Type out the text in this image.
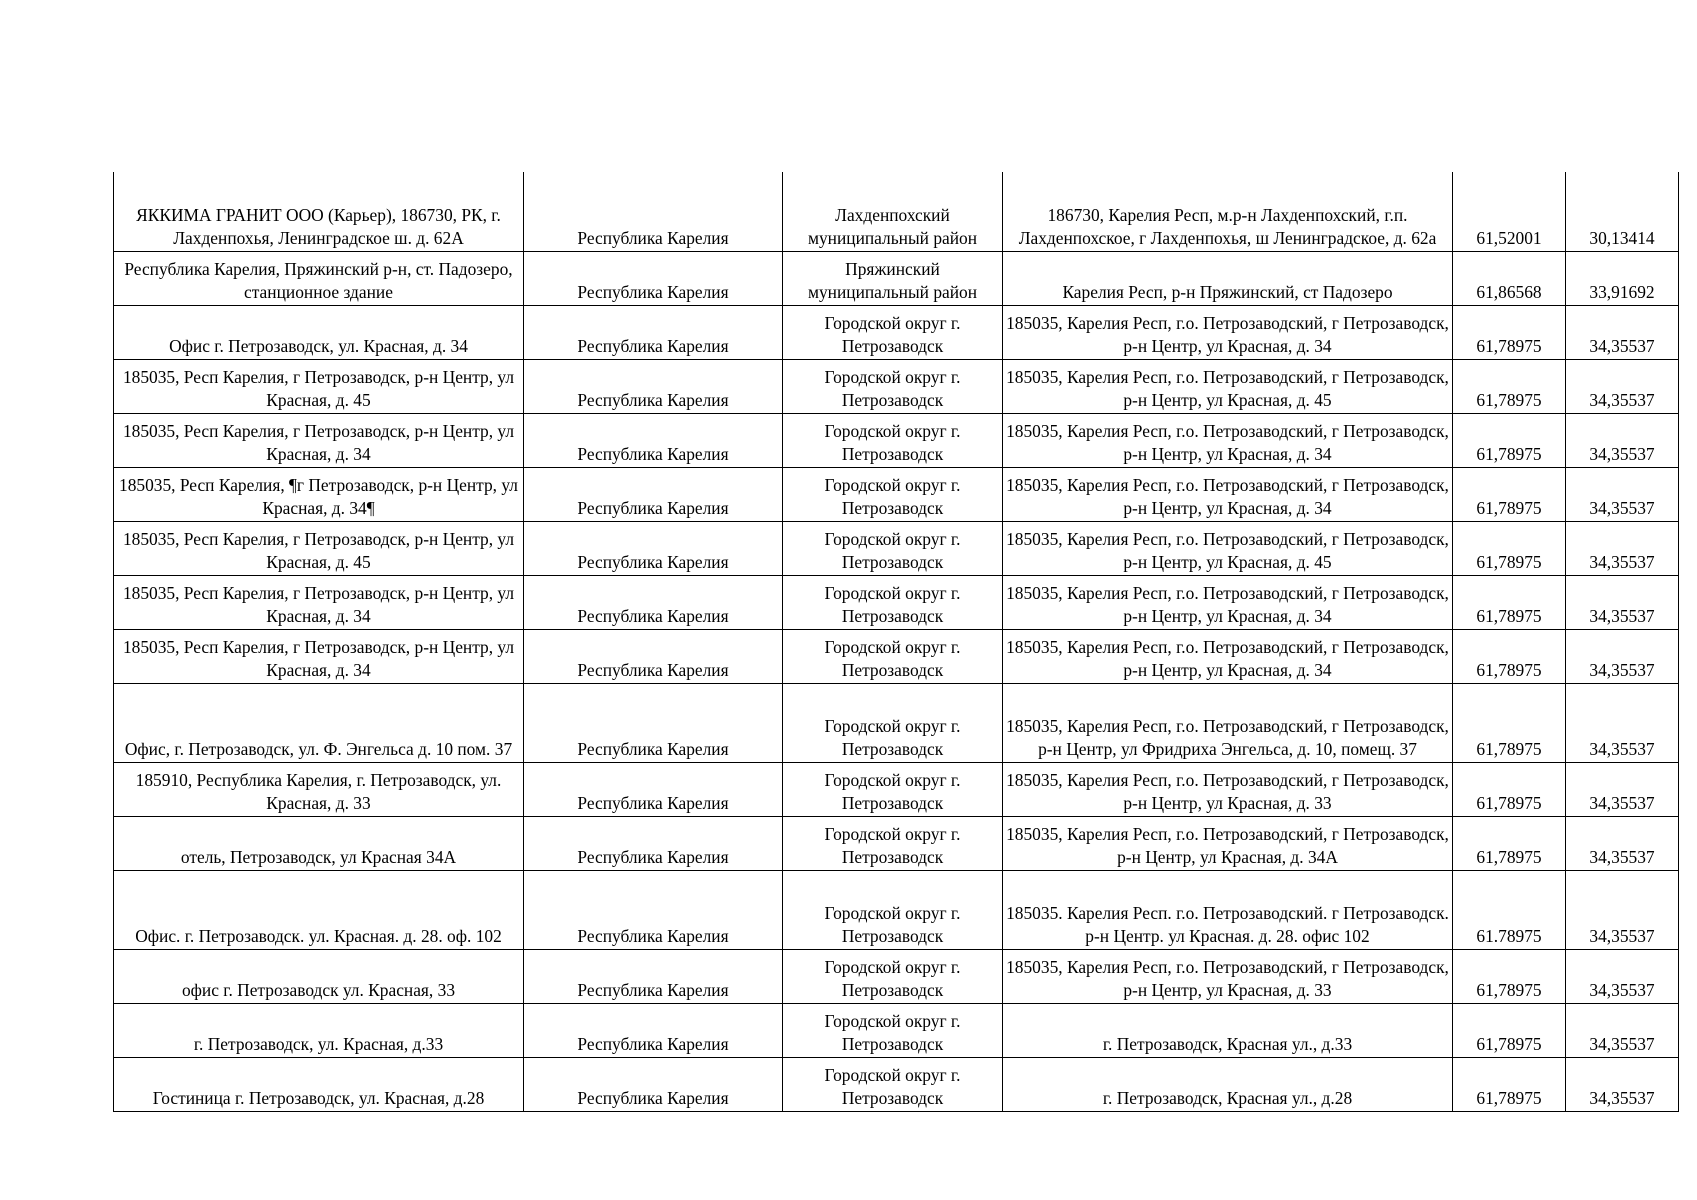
ЯККИМА ГРАНИТ ООО (Карьер), 186730, РК, г. Лахденпохья, Ленинградское ш. д. 62А	Республика Карелия	Лахденпохский муниципальный район	186730, Карелия Респ, м.р-н Лахденпохский, г.п. Лахденпохское, г Лахденпохья, ш Ленинградское, д. 62а	61,52001	30,13414
Республика Карелия, Пряжинский р-н, ст. Падозеро, станционное здание	Республика Карелия	Пряжинский муниципальный район	Карелия Респ, р-н Пряжинский, ст Падозеро	61,86568	33,91692
Офис г. Петрозаводск, ул. Красная, д. 34	Республика Карелия	Городской округ г. Петрозаводск	185035, Карелия Респ, г.о. Петрозаводский, г Петрозаводск, р-н Центр, ул Красная, д. 34	61,78975	34,35537
185035, Респ Карелия, г Петрозаводск, р-н Центр, ул Красная, д. 45	Республика Карелия	Городской округ г. Петрозаводск	185035, Карелия Респ, г.о. Петрозаводский, г Петрозаводск, р-н Центр, ул Красная, д. 45	61,78975	34,35537
185035, Респ Карелия, г Петрозаводск, р-н Центр, ул Красная, д. 34	Республика Карелия	Городской округ г. Петрозаводск	185035, Карелия Респ, г.о. Петрозаводский, г Петрозаводск, р-н Центр, ул Красная, д. 34	61,78975	34,35537
185035, Респ Карелия, ¶г Петрозаводск, р-н Центр, ул Красная, д. 34¶	Республика Карелия	Городской округ г. Петрозаводск	185035, Карелия Респ, г.о. Петрозаводский, г Петрозаводск, р-н Центр, ул Красная, д. 34	61,78975	34,35537
185035, Респ Карелия, г Петрозаводск, р-н Центр, ул Красная, д. 45	Республика Карелия	Городской округ г. Петрозаводск	185035, Карелия Респ, г.о. Петрозаводский, г Петрозаводск, р-н Центр, ул Красная, д. 45	61,78975	34,35537
185035, Респ Карелия, г Петрозаводск, р-н Центр, ул Красная, д. 34	Республика Карелия	Городской округ г. Петрозаводск	185035, Карелия Респ, г.о. Петрозаводский, г Петрозаводск, р-н Центр, ул Красная, д. 34	61,78975	34,35537
185035, Респ Карелия, г Петрозаводск, р-н Центр, ул Красная, д. 34	Республика Карелия	Городской округ г. Петрозаводск	185035, Карелия Респ, г.о. Петрозаводский, г Петрозаводск, р-н Центр, ул Красная, д. 34	61,78975	34,35537
Офис, г. Петрозаводск, ул. Ф. Энгельса д. 10 пом. 37	Республика Карелия	Городской округ г. Петрозаводск	185035, Карелия Респ, г.о. Петрозаводский, г Петрозаводск, р-н Центр, ул Фридриха Энгельса, д. 10, помещ. 37	61,78975	34,35537
185910, Республика Карелия, г. Петрозаводск, ул. Красная, д. 33	Республика Карелия	Городской округ г. Петрозаводск	185035, Карелия Респ, г.о. Петрозаводский, г Петрозаводск, р-н Центр, ул Красная, д. 33	61,78975	34,35537
отель, Петрозаводск, ул Красная 34А	Республика Карелия	Городской округ г. Петрозаводск	185035, Карелия Респ, г.о. Петрозаводский, г Петрозаводск, р-н Центр, ул Красная, д. 34А	61,78975	34,35537
Офис. г. Петрозаводск. ул. Красная. д. 28. оф. 102	Республика Карелия	Городской округ г. Петрозаводск	185035. Карелия Респ. г.о. Петрозаводский. г Петрозаводск. р-н Центр. ул Красная. д. 28. офис 102	61.78975	34,35537
офис г. Петрозаводск ул. Красная, 33	Республика Карелия	Городской округ г. Петрозаводск	185035, Карелия Респ, г.о. Петрозаводский, г Петрозаводск, р-н Центр, ул Красная, д. 33	61,78975	34,35537
г. Петрозаводск, ул. Красная, д.33	Республика Карелия	Городской округ г. Петрозаводск	г. Петрозаводск, Красная ул., д.33	61,78975	34,35537
Гостиница г. Петрозаводск, ул. Красная, д.28	Республика Карелия	Городской округ г. Петрозаводск	г. Петрозаводск, Красная ул., д.28	61,78975	34,35537
